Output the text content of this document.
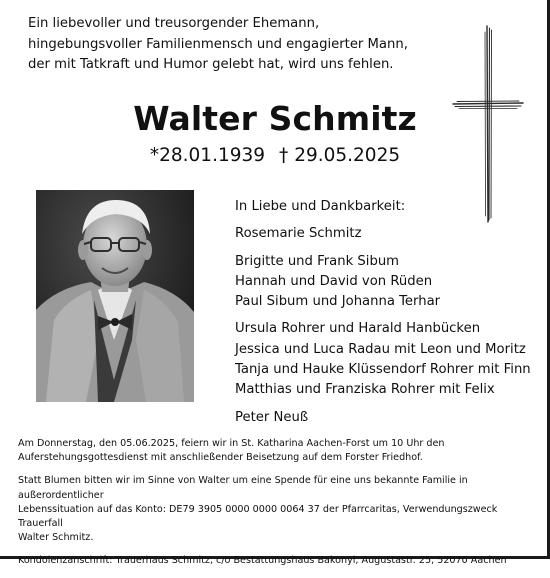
Ein liebevoller und treusorgender Ehemann,
hingebungsvoller Familienmensch und engagierter Mann,
der mit Tatkraft und Humor gelebt hat, wird uns fehlen.
Walter Schmitz
*28.01.1939 † 29.05.2025
In Liebe und Dankbarkeit:
Rosemarie Schmitz
Brigitte und Frank Sibum
Hannah und David von Rüden
Paul Sibum und Johanna Terhar
Ursula Rohrer und Harald Hanbücken
Jessica und Luca Radau mit Leon und Moritz
Tanja und Hauke Klüssendorf Rohrer mit Finn
Matthias und Franziska Rohrer mit Felix
Peter Neuß

Am Donnerstag, den 05.06.2025, feiern wir in St. Katharina Aachen-Forst um 10 Uhr den
Auferstehungsgottesdienst mit anschließender Beisetzung auf dem Forster Friedhof.

Statt Blumen bitten wir im Sinne von Walter um eine Spende für eine uns bekannte Familie in außerordentlicher
Lebenssituation auf das Konto: DE79 3905 0000 0000 0064 37 der Pfarrcaritas, Verwendungszweck Trauerfall
Walter Schmitz.

Kondolenzanschrift: Trauerhaus Schmitz, c/o Bestattungshaus Bakonyi, Augustastr. 25, 52070 Aachen
